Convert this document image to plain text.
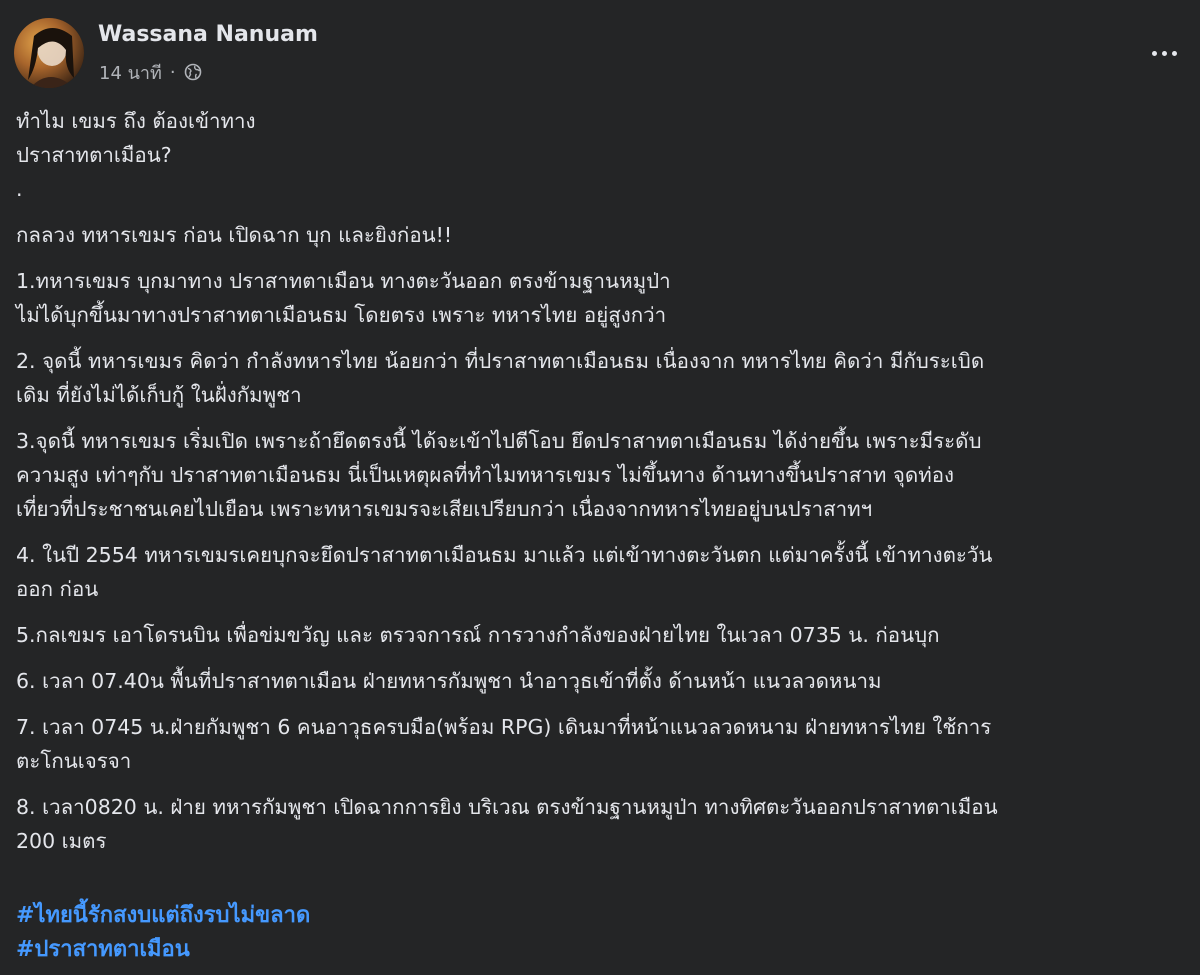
Wassana Nanuam
14 นาที ·

ทำไม เขมร ถึง ต้องเข้าทาง

ปราสาทตาเมือน?

.

กลลวง ทหารเขมร ก่อน เปิดฉาก บุก และยิงก่อน!!

1.ทหารเขมร บุกมาทาง ปราสาทตาเมือน ทางตะวันออก ตรงข้ามฐานหมูป่า
ไม่ได้บุกขึ้นมาทางปราสาทตาเมือนธม โดยตรง เพราะ ทหารไทย อยู่สูงกว่า

2. จุดนี้ ทหารเขมร คิดว่า กำลังทหารไทย น้อยกว่า ที่ปราสาทตาเมือนธม เนื่องจาก ทหารไทย คิดว่า มีกับระเบิด
เดิม ที่ยังไม่ได้เก็บกู้ ในฝั่งกัมพูชา

3.จุดนี้ ทหารเขมร เริ่มเปิด เพราะถ้ายึดตรงนี้ ได้จะเข้าไปตีโอบ ยึดปราสาทตาเมือนธม ได้ง่ายขึ้น เพราะมีระดับ
ความสูง เท่าๆกับ ปราสาทตาเมือนธม นี่เป็นเหตุผลที่ทำไมทหารเขมร ไม่ขึ้นทาง ด้านทางขึ้นปราสาท จุดท่อง
เที่ยวที่ประชาชนเคยไปเยือน เพราะทหารเขมรจะเสียเปรียบกว่า เนื่องจากทหารไทยอยู่บนปราสาทฯ

4. ในปี 2554 ทหารเขมรเคยบุกจะยึดปราสาทตาเมือนธม มาแล้ว แต่เข้าทางตะวันตก แต่มาครั้งนี้ เข้าทางตะวัน
ออก ก่อน

5.กลเขมร เอาโดรนบิน เพื่อข่มขวัญ และ ตรวจการณ์ การวางกำลังของฝ่ายไทย ในเวลา 0735 น. ก่อนบุก

6. เวลา 07.40น พื้นที่ปราสาทตาเมือน ฝ่ายทหารกัมพูชา นำอาวุธเข้าที่ตั้ง ด้านหน้า แนวลวดหนาม

7. เวลา 0745 น.ฝ่ายกัมพูชา 6 คนอาวุธครบมือ(พร้อม RPG) เดินมาที่หน้าแนวลวดหนาม ฝ่ายทหารไทย ใช้การ
ตะโกนเจรจา

8. เวลา0820 น. ฝ่าย ทหารกัมพูชา เปิดฉากการยิง บริเวณ ตรงข้ามฐานหมูป่า ทางทิศตะวันออกปราสาทตาเมือน
200 เมตร

#ไทยนี้รักสงบแต่ถึงรบไม่ขลาด
#ปราสาทตาเมือน
